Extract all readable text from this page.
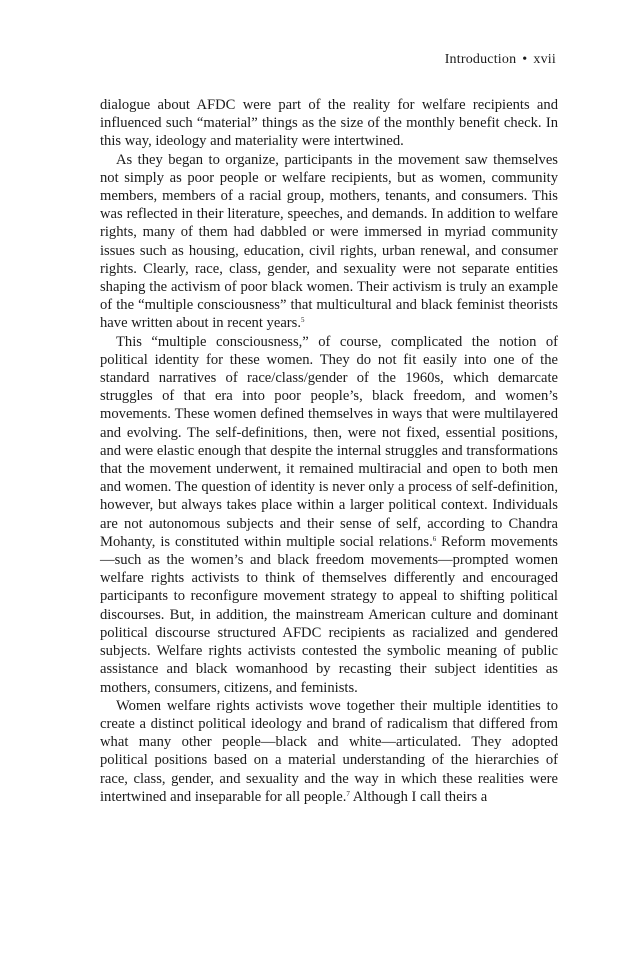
Introduction • xvii

dialogue about AFDC were part of the reality for welfare recipients and influenced such “material” things as the size of the monthly benefit check. In this way, ideology and materiality were intertwined.

As they began to organize, participants in the movement saw themselves not simply as poor people or welfare recipients, but as women, community members, members of a racial group, mothers, tenants, and consumers. This was reflected in their literature, speeches, and demands. In addition to welfare rights, many of them had dabbled or were immersed in myriad community issues such as housing, education, civil rights, urban renewal, and consumer rights. Clearly, race, class, gender, and sexuality were not separate entities shaping the activism of poor black women. Their activism is truly an example of the “multiple consciousness” that multicultural and black feminist theorists have written about in recent years.$^5$

This “multiple consciousness,” of course, complicated the notion of political identity for these women. They do not fit easily into one of the standard narratives of race/class/gender of the 1960s, which demarcate struggles of that era into poor people’s, black freedom, and women’s movements. These women defined themselves in ways that were multilayered and evolving. The self-definitions, then, were not fixed, essential positions, and were elastic enough that despite the internal struggles and transformations that the movement underwent, it remained multiracial and open to both men and women. The question of identity is never only a process of self-definition, however, but always takes place within a larger political context. Individuals are not autonomous subjects and their sense of self, according to Chandra Mohanty, is constituted within multiple social relations.$^6$ Reform movements—such as the women’s and black freedom movements—prompted women welfare rights activists to think of themselves differently and encouraged participants to reconfigure movement strategy to appeal to shifting political discourses. But, in addition, the mainstream American culture and dominant political discourse structured AFDC recipients as racialized and gendered subjects. Welfare rights activists contested the symbolic meaning of public assistance and black womanhood by recasting their subject identities as mothers, consumers, citizens, and feminists.

Women welfare rights activists wove together their multiple identities to create a distinct political ideology and brand of radicalism that differed from what many other people—black and white—articulated. They adopted political positions based on a material understanding of the hierarchies of race, class, gender, and sexuality and the way in which these realities were intertwined and inseparable for all people.$^7$ Although I call theirs a
